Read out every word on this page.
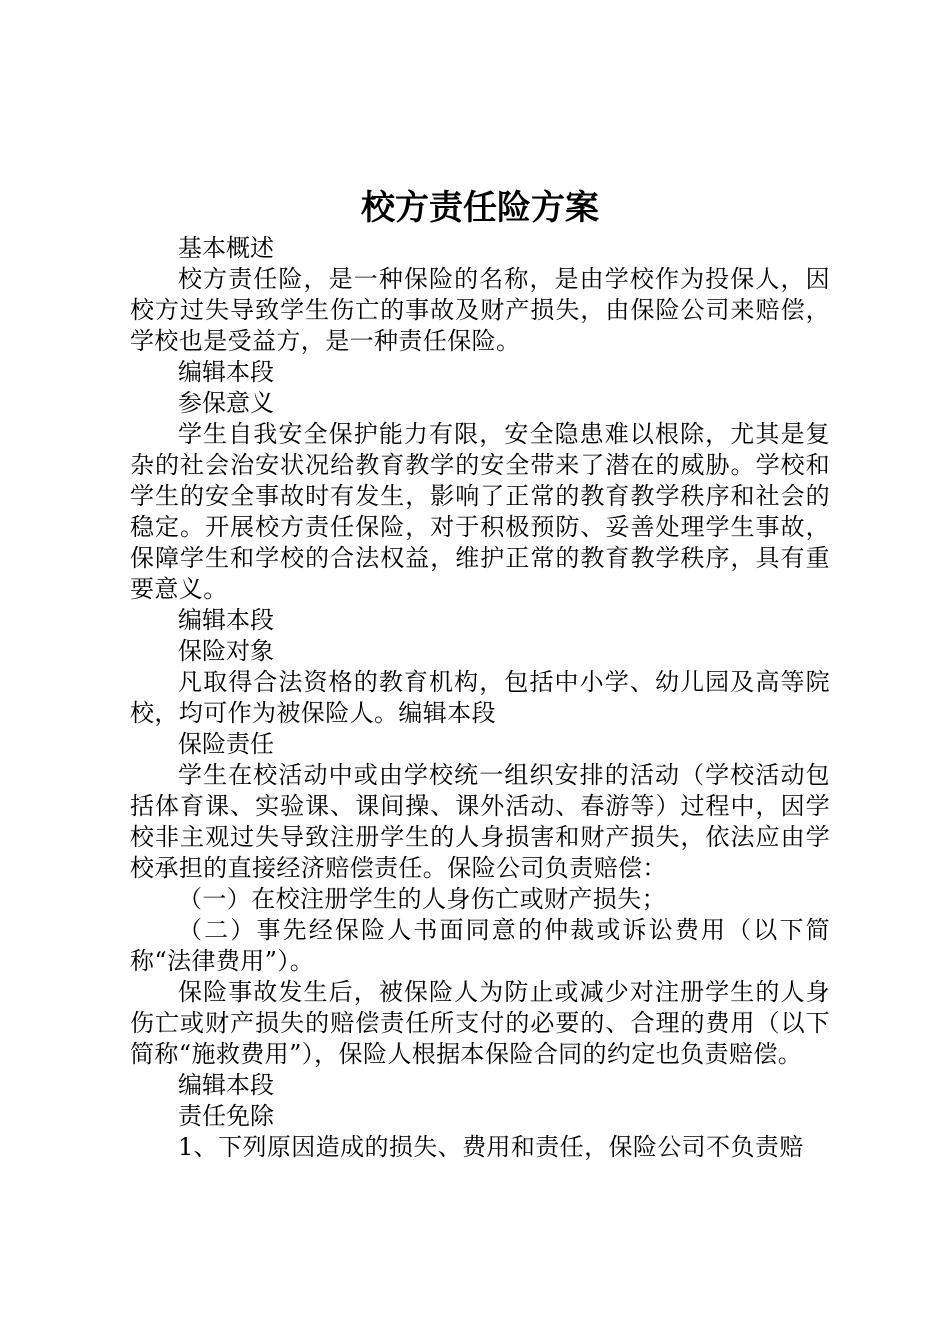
校方责任险方案

基本概述

校方责任险，是一种保险的名称，是由学校作为投保人，因校方过失导致学生伤亡的事故及财产损失，由保险公司来赔偿，学校也是受益方，是一种责任保险。

编辑本段

参保意义

学生自我安全保护能力有限，安全隐患难以根除，尤其是复杂的社会治安状况给教育教学的安全带来了潜在的威胁。学校和学生的安全事故时有发生，影响了正常的教育教学秩序和社会的稳定。开展校方责任保险，对于积极预防、妥善处理学生事故，保障学生和学校的合法权益，维护正常的教育教学秩序，具有重要意义。

编辑本段

保险对象

凡取得合法资格的教育机构，包括中小学、幼儿园及高等院校，均可作为被保险人。编辑本段

保险责任

学生在校活动中或由学校统一组织安排的活动（学校活动包括体育课、实验课、课间操、课外活动、春游等）过程中，因学校非主观过失导致注册学生的人身损害和财产损失，依法应由学校承担的直接经济赔偿责任。保险公司负责赔偿：

（一）在校注册学生的人身伤亡或财产损失；

（二）事先经保险人书面同意的仲裁或诉讼费用（以下简称“法律费用”）。

保险事故发生后，被保险人为防止或减少对注册学生的人身伤亡或财产损失的赔偿责任所支付的必要的、合理的费用（以下简称“施救费用”），保险人根据本保险合同的约定也负责赔偿。

编辑本段

责任免除

1、下列原因造成的损失、费用和责任，保险公司不负责赔
